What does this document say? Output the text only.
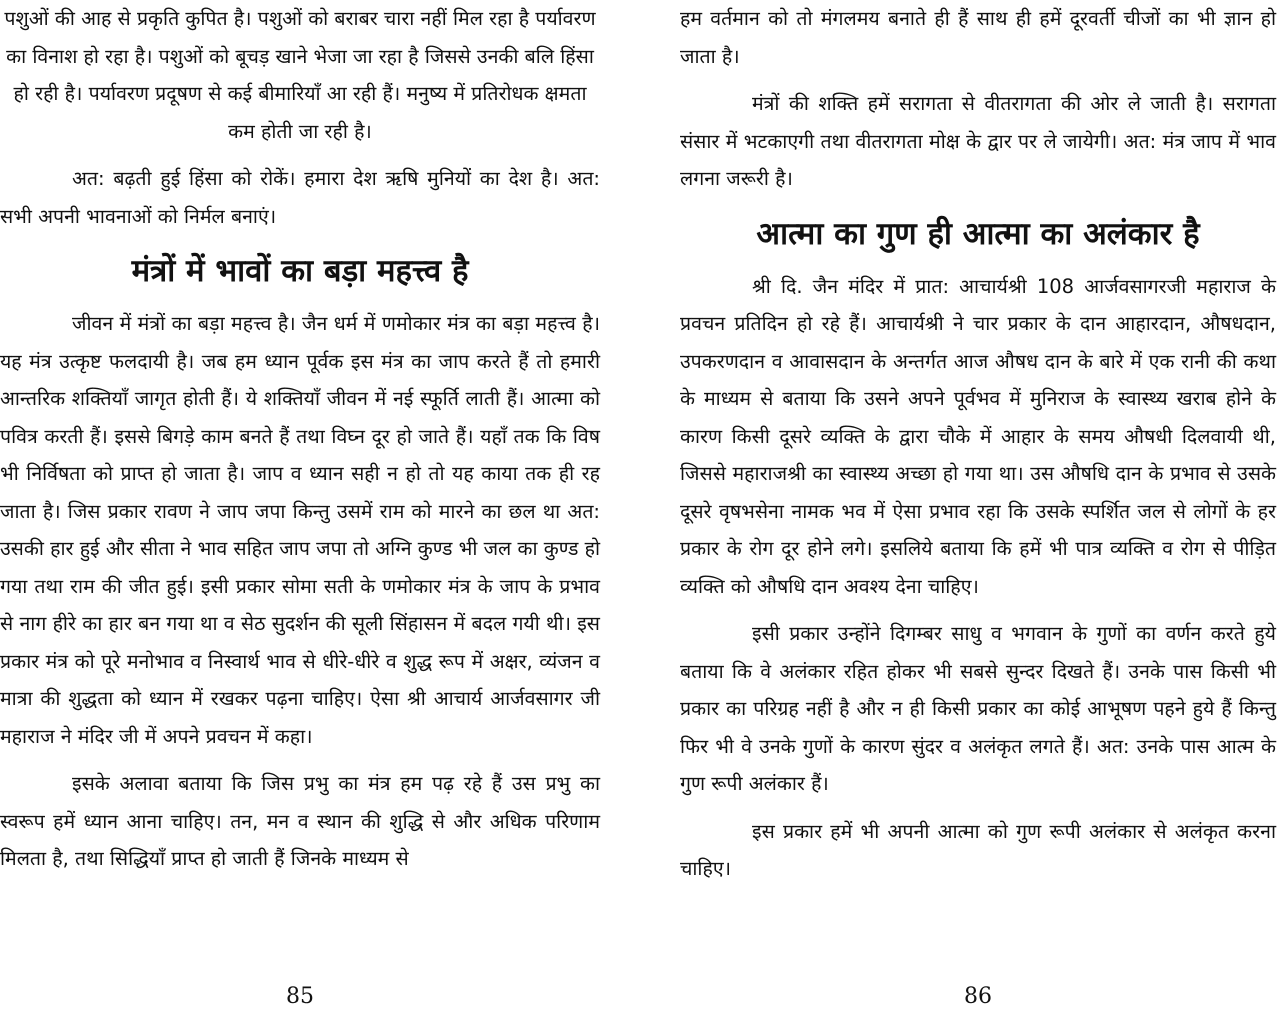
पशुओं की आह से प्रकृति कुपित है। पशुओं को बराबर चारा नहीं मिल रहा है पर्यावरण का विनाश हो रहा है। पशुओं को बूचड़ खाने भेजा जा रहा है जिससे उनकी बलि हिंसा हो रही है। पर्यावरण प्रदूषण से कई बीमारियाँ आ रही हैं। मनुष्य में प्रतिरोधक क्षमता कम होती जा रही है।

अत: बढ़ती हुई हिंसा को रोकें। हमारा देश ऋषि मुनियों का देश है। अत: सभी अपनी भावनाओं को निर्मल बनाएं।

मंत्रों में भावों का बड़ा महत्त्व है

जीवन में मंत्रों का बड़ा महत्त्व है। जैन धर्म में णमोकार मंत्र का बड़ा महत्त्व है। यह मंत्र उत्कृष्ट फलदायी है। जब हम ध्यान पूर्वक इस मंत्र का जाप करते हैं तो हमारी आन्तरिक शक्तियाँ जागृत होती हैं। ये शक्तियाँ जीवन में नई स्फूर्ति लाती हैं। आत्मा को पवित्र करती हैं। इससे बिगड़े काम बनते हैं तथा विघ्न दूर हो जाते हैं। यहाँ तक कि विष भी निर्विषता को प्राप्त हो जाता है। जाप व ध्यान सही न हो तो यह काया तक ही रह जाता है। जिस प्रकार रावण ने जाप जपा किन्तु उसमें राम को मारने का छल था अत: उसकी हार हुई और सीता ने भाव सहित जाप जपा तो अग्नि कुण्ड भी जल का कुण्ड हो गया तथा राम की जीत हुई। इसी प्रकार सोमा सती के णमोकार मंत्र के जाप के प्रभाव से नाग हीरे का हार बन गया था व सेठ सुदर्शन की सूली सिंहासन में बदल गयी थी। इस प्रकार मंत्र को पूरे मनोभाव व निस्वार्थ भाव से धीरे-धीरे व शुद्ध रूप में अक्षर, व्यंजन व मात्रा की शुद्धता को ध्यान में रखकर पढ़ना चाहिए। ऐसा श्री आचार्य आर्जवसागर जी महाराज ने मंदिर जी में अपने प्रवचन में कहा।

इसके अलावा बताया कि जिस प्रभु का मंत्र हम पढ़ रहे हैं उस प्रभु का स्वरूप हमें ध्यान आना चाहिए। तन, मन व स्थान की शुद्धि से और अधिक परिणाम मिलता है, तथा सिद्धियाँ प्राप्त हो जाती हैं जिनके माध्यम से

85

हम वर्तमान को तो मंगलमय बनाते ही हैं साथ ही हमें दूरवर्ती चीजों का भी ज्ञान हो जाता है।

मंत्रों की शक्ति हमें सरागता से वीतरागता की ओर ले जाती है। सरागता संसार में भटकाएगी तथा वीतरागता मोक्ष के द्वार पर ले जायेगी। अत: मंत्र जाप में भाव लगना जरूरी है।

आत्मा का गुण ही आत्मा का अलंकार है

श्री दि. जैन मंदिर में प्रात: आचार्यश्री 108 आर्जवसागरजी महाराज के प्रवचन प्रतिदिन हो रहे हैं। आचार्यश्री ने चार प्रकार के दान आहारदान, औषधदान, उपकरणदान व आवासदान के अन्तर्गत आज औषध दान के बारे में एक रानी की कथा के माध्यम से बताया कि उसने अपने पूर्वभव में मुनिराज के स्वास्थ्य खराब होने के कारण किसी दूसरे व्यक्ति के द्वारा चौके में आहार के समय औषधी दिलवायी थी, जिससे महाराजश्री का स्वास्थ्य अच्छा हो गया था। उस औषधि दान के प्रभाव से उसके दूसरे वृषभसेना नामक भव में ऐसा प्रभाव रहा कि उसके स्पर्शित जल से लोगों के हर प्रकार के रोग दूर होने लगे। इसलिये बताया कि हमें भी पात्र व्यक्ति व रोग से पीड़ित व्यक्ति को औषधि दान अवश्य देना चाहिए।

इसी प्रकार उन्होंने दिगम्बर साधु व भगवान के गुणों का वर्णन करते हुये बताया कि वे अलंकार रहित होकर भी सबसे सुन्दर दिखते हैं। उनके पास किसी भी प्रकार का परिग्रह नहीं है और न ही किसी प्रकार का कोई आभूषण पहने हुये हैं किन्तु फिर भी वे उनके गुणों के कारण सुंदर व अलंकृत लगते हैं। अत: उनके पास आत्म के गुण रूपी अलंकार हैं।

इस प्रकार हमें भी अपनी आत्मा को गुण रूपी अलंकार से अलंकृत करना चाहिए।

86
